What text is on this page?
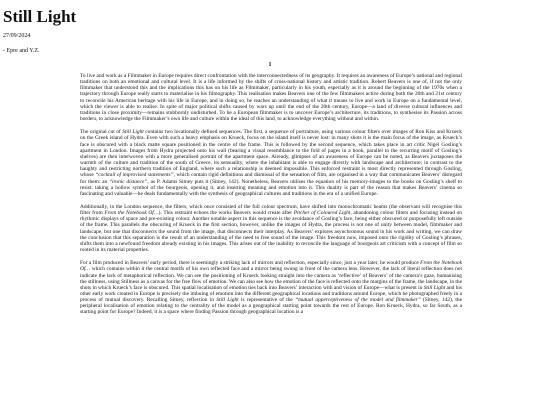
Still Light
27/09/2024
- Epre and Y.Z.
1

To live and work as a Filmmaker in Europe requires direct confrontation with the interconnectedness of its geography. It requires an awareness of Europe’s national and regional traditions on both an emotional and cultural level. It is a life informed by the shifts of cross-national history and artistic tradition. Robert Beavers is one of, if not the only filmmaker that understood this and the implications this has on his life as Filmmaker, particularly in his youth, especially as it is around the beginning of the 1970s when a trajectory through Europe really starts to materialise in his filmography. This realisation makes Beavers one of the few filmmakers active during both the 20th and 21st century to reconcile his American heritage with his life in Europe, and in doing so, he reaches an understanding of what it means to live and work in Europe on a fundamental level, which the viewer is able to realise. In spite of major political shifts caused by wars up until the end of the 20th century, Europe—a land of diverse cultural influences and traditions in close proximity—remains stubbornly undisturbed. To be a European filmmaker is to uncover Europe’s architecture, its traditions, to synthesise its Passion across borders, to acknowledge the Filmmaker’s own life and culture within the ideal of this land, to acknowledge everything without and within.

The original cut of Still Light contains two locationally defined sequences. The first, a sequence of portraiture, using various colour filters over images of Ron Kiss and Krueck on the Greek island of Hydra. Even with such a heavy emphasis on Krueck, focus on the island itself is never lost: in many shots it is the main focus of the image, as Krueck’s face is obscured with a black matte square positioned in the centre of the frame. This is followed by the second sequence, which takes place in art critic Nigel Gosling’s apartment in London. Images from Hydra projected onto his wall (bearing a visual resemblance to the fold of pages in a book, parallel to the recurring motif of Gosling’s shelves) are then interwoven with a more generalised portrait of the apartment space. Already, glimpses of an awareness of Europe can be noted, as Beavers juxtaposes the warmth of the culture and tradition of the south of Greece, its sensuality, where the inhabitant is able to engage directly with landscape and architecture; in contrast to the haughty and restricting northern tradition of England, where such a relationship is deemed impossible. This enforced restraint is most directly represented through Gosling, whose “cocktail of improvised statements”, which contain rigid definitions and dismissal of the sensation of film, are organised in a way that communicates Beavers’ disregard for them: an “ironic distance”, as P. Adams Sitney puts it (Sitney, 142). Nonetheless, Beavers utilises the equation of his memory-images to the books on Gosling’s shelf to resist: taking a hollow symbol of the bourgeois, opening it, and inserting meaning and emotion into it. This duality is part of the reason that makes Beavers’ cinema so fascinating and valuable—he deals fundamentally with the synthesis of geographical cultures and traditions in the era of a unified Europe.

Additionally, in the London sequence, the filters, which once consisted of the full colour spectrum, have shifted into monochromatic beams (the observant will recognise this filter from From the Notebook Of…). This restraint echoes the works Beavers would create after Pitcher of Coloured Light, abandoning colour filters and focusing instead on rhythmic displays of space and pre-existing colour. Another notable aspect in this sequence is the avoidance of Gosling’s face, being either obscured or purposefully left outside of the frame. This parallels the obscuring of Krueck in the first section, however, unlike the images of Hydra, the process is not one of unity between model, filmmaker and landscape, but one that disconnects the sound from the image, that disconnects their interplay. As Beavers’ explores asynchronous sound in his work and writing, we can draw the conclusion that this separation is the result of an understanding of the need to free sound of the image. This freedom now, imposed onto the rigidity of Gosling’s phrases, shifts them into a newfound freedom already existing in his images. This arises out of the inability to reconcile the language of bourgeois art criticism with a concept of film so rooted in its material properties.

For a film produced in Beavers’ early period, there is seemingly a striking lack of mirrors and reflection, especially since, just a year later, he would produce From the Notebook Of… which contains within it the central motifs of his own reflected face and a mirror being swung in front of the camera lens. However, the lack of literal reflection does not indicate the lack of metaphorical reflection. We can see the positioning of Krueck looking straight into the camera as ‘reflective’ of Beavers’ of the camera’s gaze, humanising the stillness, using Stillness as a canvas for the free flow of emotion. We can also see how the emotion of the face is reflected onto the margins of the frame, the landscape, in the shots in which Krueck’s face is obscured. This spatial localisation of emotion ties back into Beavers’ interaction with and vision of Europe—what is present in Still Light and his other early work created in Europe is precisely the imbuing of emotion into the different geographical locations and traditions around Europe, which he photographed freely in a process of mutual discovery. Recalling Sitney, reflection in Still Light is representative of the “mutual apperceptiveness of the model and filmmaker” (Sitney, 142), the peripheral localisation of emotion relating to the centrality of the model as a geographical starting point towards the rest of Europe. Ron Krueck, Hydra, so far South, as a starting point for Europe? Indeed, it is a space where finding Passion through geographical location is a
